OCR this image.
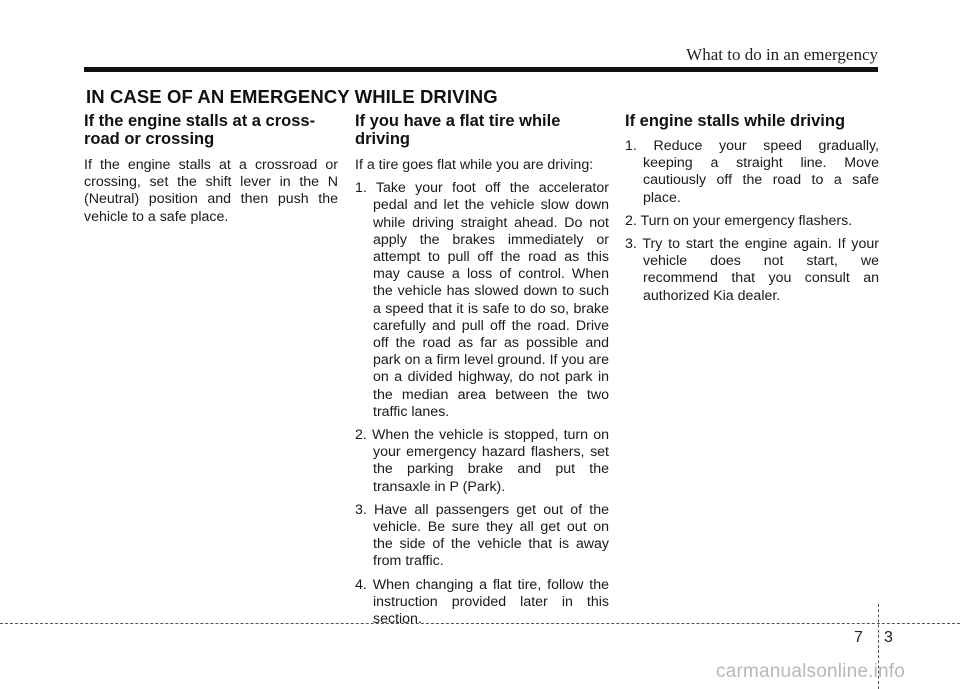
What to do in an emergency
IN CASE OF AN EMERGENCY WHILE DRIVING
If the engine stalls at a cross-
road or crossing

If the engine stalls at a crossroad or crossing, set the shift lever in the N (Neutral) position and then push the vehicle to a safe place.

If you have a flat tire while
driving

If a tire goes flat while you are driving:

1. Take your foot off the accelerator pedal and let the vehicle slow down while driving straight ahead. Do not apply the brakes immediately or attempt to pull off the road as this may cause a loss of control. When the vehicle has slowed down to such a speed that it is safe to do so, brake carefully and pull off the road. Drive off the road as far as possible and park on a firm level ground. If you are on a divided highway, do not park in the median area between the two traffic lanes.
2. When the vehicle is stopped, turn on your emergency hazard flashers, set the parking brake and put the transaxle in P (Park).
3. Have all passengers get out of the vehicle. Be sure they all get out on the side of the vehicle that is away from traffic.
4. When changing a flat tire, follow the instruction provided later in this section.
If engine stalls while driving
1. Reduce your speed gradually, keeping a straight line. Move cautiously off the road to a safe place.
2. Turn on your emergency flashers.
3. Try to start the engine again. If your vehicle does not start, we recommend that you consult an authorized Kia dealer.
7 3
carmanualsonline.info
